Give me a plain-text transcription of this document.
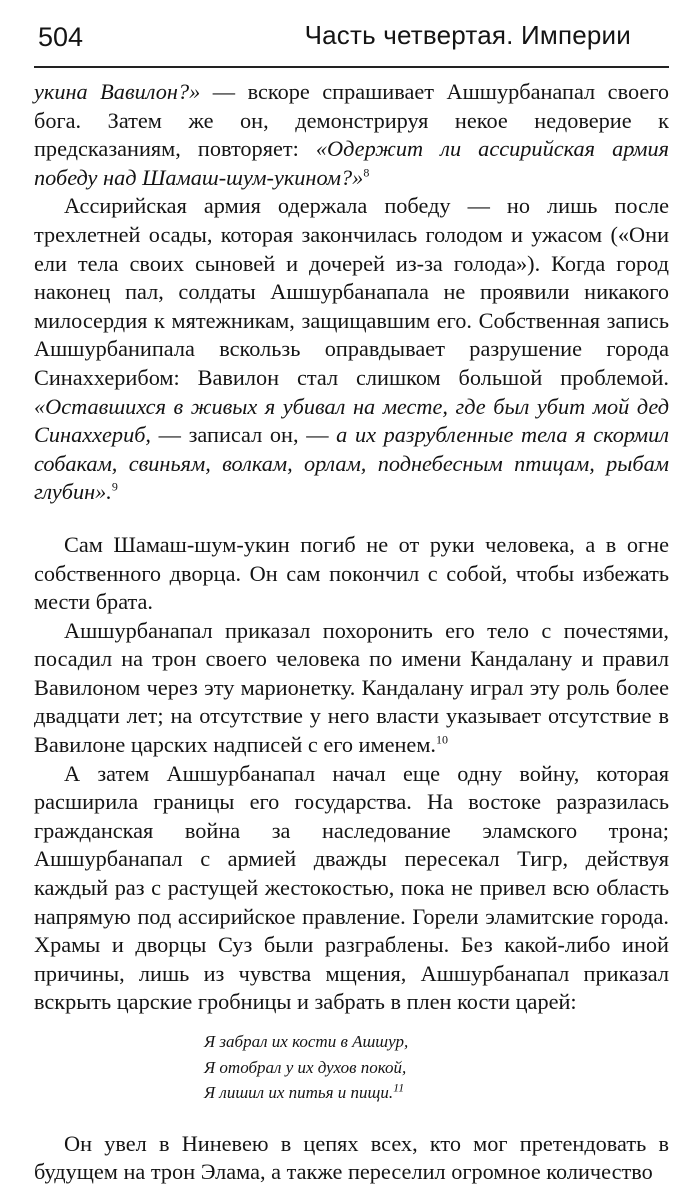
504	Часть четвертая. Империи

укина Вавилон?» — вскоре спрашивает Ашшурбанапал своего бога. Затем же он, демонстрируя некое недоверие к предсказаниям, повторяет: «Одержит ли ассирийская армия победу над Шамаш-шум-укином?»$^8$

Ассирийская армия одержала победу — но лишь после трехлетней осады, которая закончилась голодом и ужасом («Они ели тела своих сыновей и дочерей из-за голода»). Когда город наконец пал, солдаты Ашшурбанапала не проявили никакого милосердия к мятежникам, защищавшим его. Собственная запись Ашшурбанипала вскользь оправдывает разрушение города Синаххерибом: Вавилон стал слишком большой проблемой. «Оставшихся в живых я убивал на месте, где был убит мой дед Синаххериб, — записал он, — а их разрубленные тела я скормил собакам, свиньям, волкам, орлам, поднебесным птицам, рыбам глубин».$^9$

Сам Шамаш-шум-укин погиб не от руки человека, а в огне собственного дворца. Он сам покончил с собой, чтобы избежать мести брата.

Ашшурбанапал приказал похоронить его тело с почестями, посадил на трон своего человека по имени Кандалану и правил Вавилоном через эту марионетку. Кандалану играл эту роль более двадцати лет; на отсутствие у него власти указывает отсутствие в Вавилоне царских надписей с его именем.$^{10}$

А затем Ашшурбанапал начал еще одну войну, которая расширила границы его государства. На востоке разразилась гражданская война за наследование эламского трона; Ашшурбанапал с армией дважды пересекал Тигр, действуя каждый раз с растущей жестокостью, пока не привел всю область напрямую под ассирийское правление. Горели эламитские города. Храмы и дворцы Суз были разграблены. Без какой-либо иной причины, лишь из чувства мщения, Ашшурбанапал приказал вскрыть царские гробницы и забрать в плен кости царей:

Я забрал их кости в Ашшур,
Я отобрал у их духов покой,
Я лишил их питья и пищи.$^{11}$

Он увел в Ниневею в цепях всех, кто мог претендовать в будущем на трон Элама, а также переселил огромное количество
